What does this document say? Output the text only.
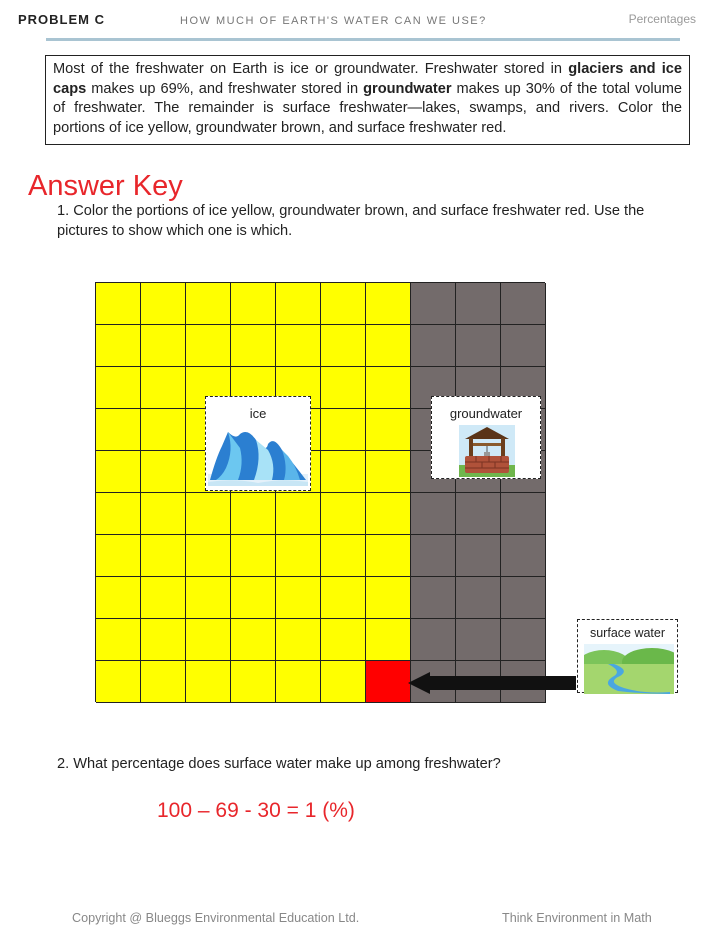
PROBLEM C	HOW MUCH OF EARTH'S WATER CAN WE USE?	Percentages
Most of the freshwater on Earth is ice or groundwater. Freshwater stored in glaciers and ice caps makes up 69%, and freshwater stored in groundwater makes up 30% of the total volume of freshwater. The remainder is surface freshwater—lakes, swamps, and rivers. Color the portions of ice yellow, groundwater brown, and surface freshwater red.
Answer Key
1. Color the portions of ice yellow, groundwater brown, and surface freshwater red. Use the pictures to show which one is which.
ice	groundwater
surface water
2. What percentage does surface water make up among freshwater?
100 – 69 - 30 = 1 (%)
Copyright @ Blueggs Environmental Education Ltd.	Think Environment in Math
